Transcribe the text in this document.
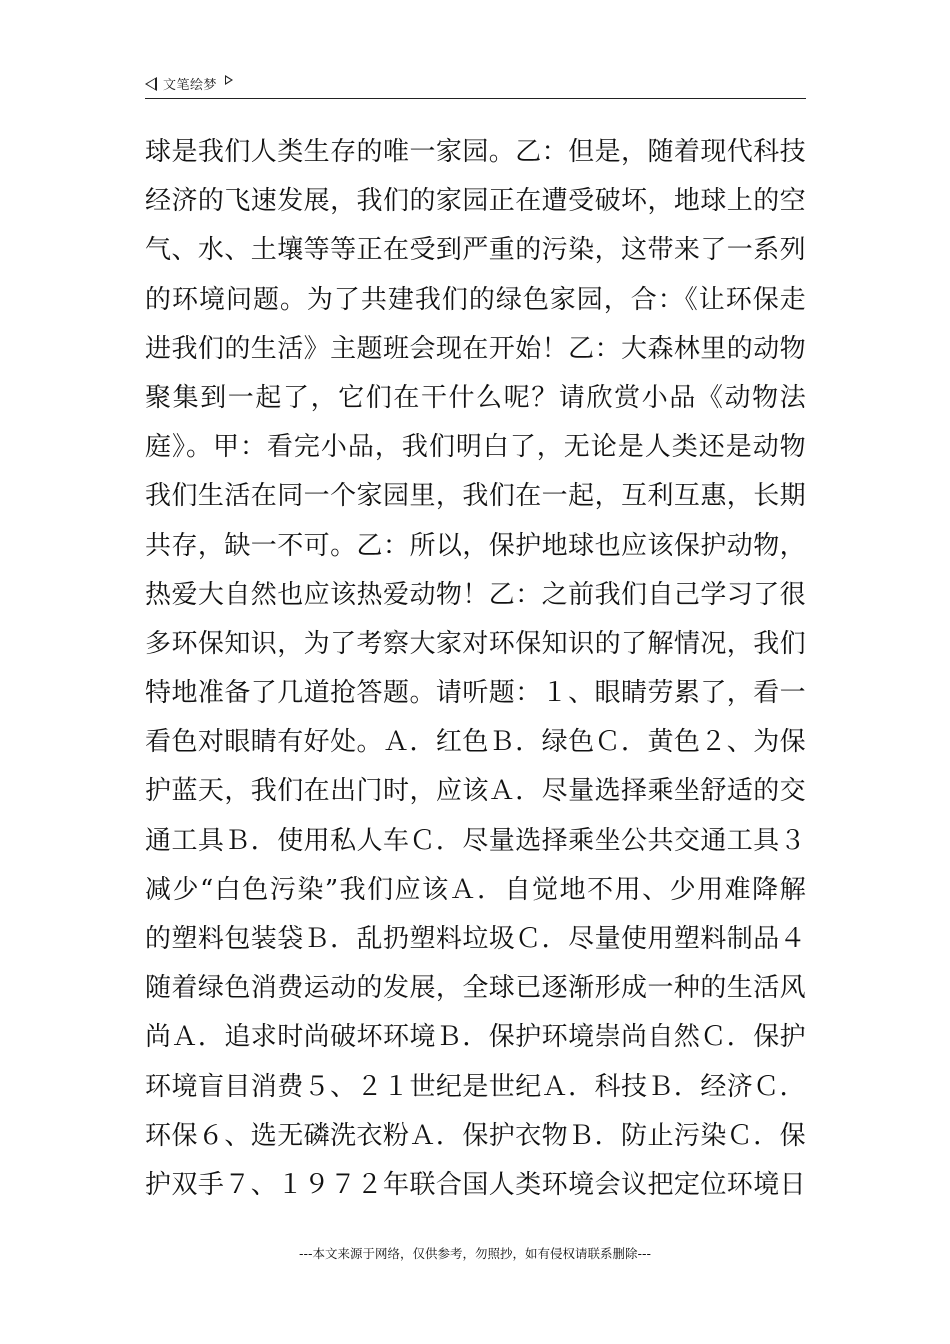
文笔绘梦
球是我们人类生存的唯一家园。乙：但是，随着现代科技
经济的飞速发展，我们的家园正在遭受破坏，地球上的空
气、水、土壤等等正在受到严重的污染，这带来了一系列
的环境问题。为了共建我们的绿色家园，合：《让环保走
进我们的生活》主题班会现在开始！乙：大森林里的动物
聚集到一起了，它们在干什么呢？请欣赏小品《动物法
庭》。甲：看完小品，我们明白了，无论是人类还是动物
我们生活在同一个家园里，我们在一起，互利互惠，长期
共存，缺一不可。乙：所以，保护地球也应该保护动物，
热爱大自然也应该热爱动物！乙：之前我们自己学习了很
多环保知识，为了考察大家对环保知识的了解情况，我们
特地准备了几道抢答题。请听题：１、眼睛劳累了，看一
看色对眼睛有好处。Ａ．红色Ｂ．绿色Ｃ．黄色２、为保
护蓝天，我们在出门时，应该Ａ．尽量选择乘坐舒适的交
通工具Ｂ．使用私人车Ｃ．尽量选择乘坐公共交通工具３
减少“白色污染”我们应该Ａ．自觉地不用、少用难降解
的塑料包装袋Ｂ．乱扔塑料垃圾Ｃ．尽量使用塑料制品４
随着绿色消费运动的发展，全球已逐渐形成一种的生活风
尚Ａ．追求时尚破坏环境Ｂ．保护环境崇尚自然Ｃ．保护
环境盲目消费５、２１世纪是世纪Ａ．科技Ｂ．经济Ｃ．
环保６、选无磷洗衣粉Ａ．保护衣物Ｂ．防止污染Ｃ．保
护双手７、１９７２年联合国人类环境会议把定位环境日
---本文来源于网络，仅供参考，勿照抄，如有侵权请联系删除---
